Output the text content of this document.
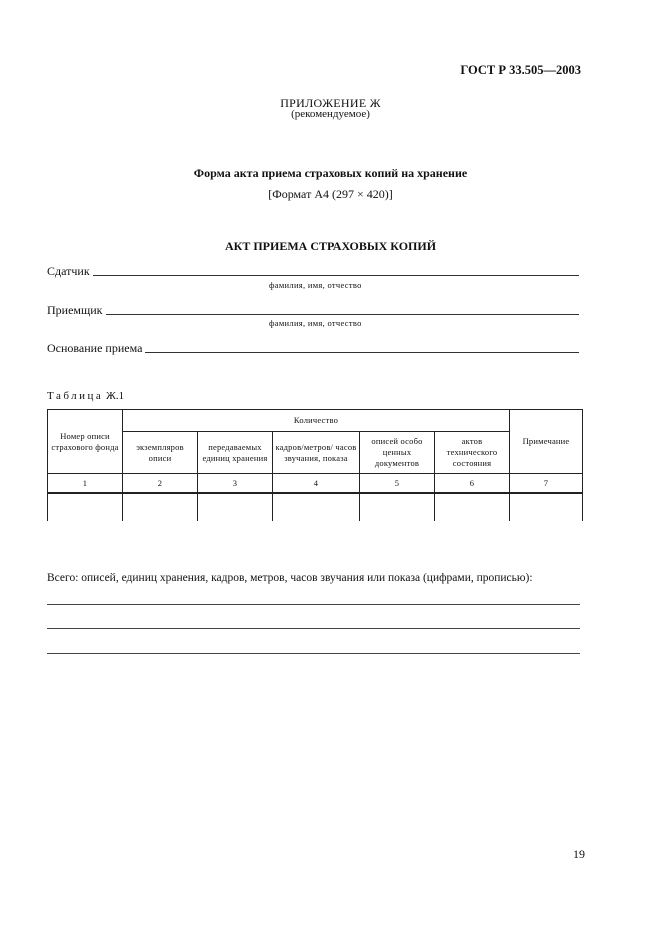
ГОСТ Р 33.505—2003
ПРИЛОЖЕНИЕ Ж
(рекомендуемое)
Форма акта приема страховых копий на хранение
[Формат А4 (297 × 420)]
АКТ ПРИЕМА СТРАХОВЫХ КОПИЙ
Сдатчик
фамилия, имя, отчество
Приемщик
фамилия, имя, отчество
Основание приема
Таблица Ж.1
Номер описи страхового фонда	Количество					Примечание
	экземпляров описи	передаваемых единиц хранения	кадров/метров/ часов звучания, показа	описей особо ценных документов	актов технического состояния	
1	2	3	4	5	6	7

Всего: описей, единиц хранения, кадров, метров, часов звучания или показа (цифрами, прописью):
19
